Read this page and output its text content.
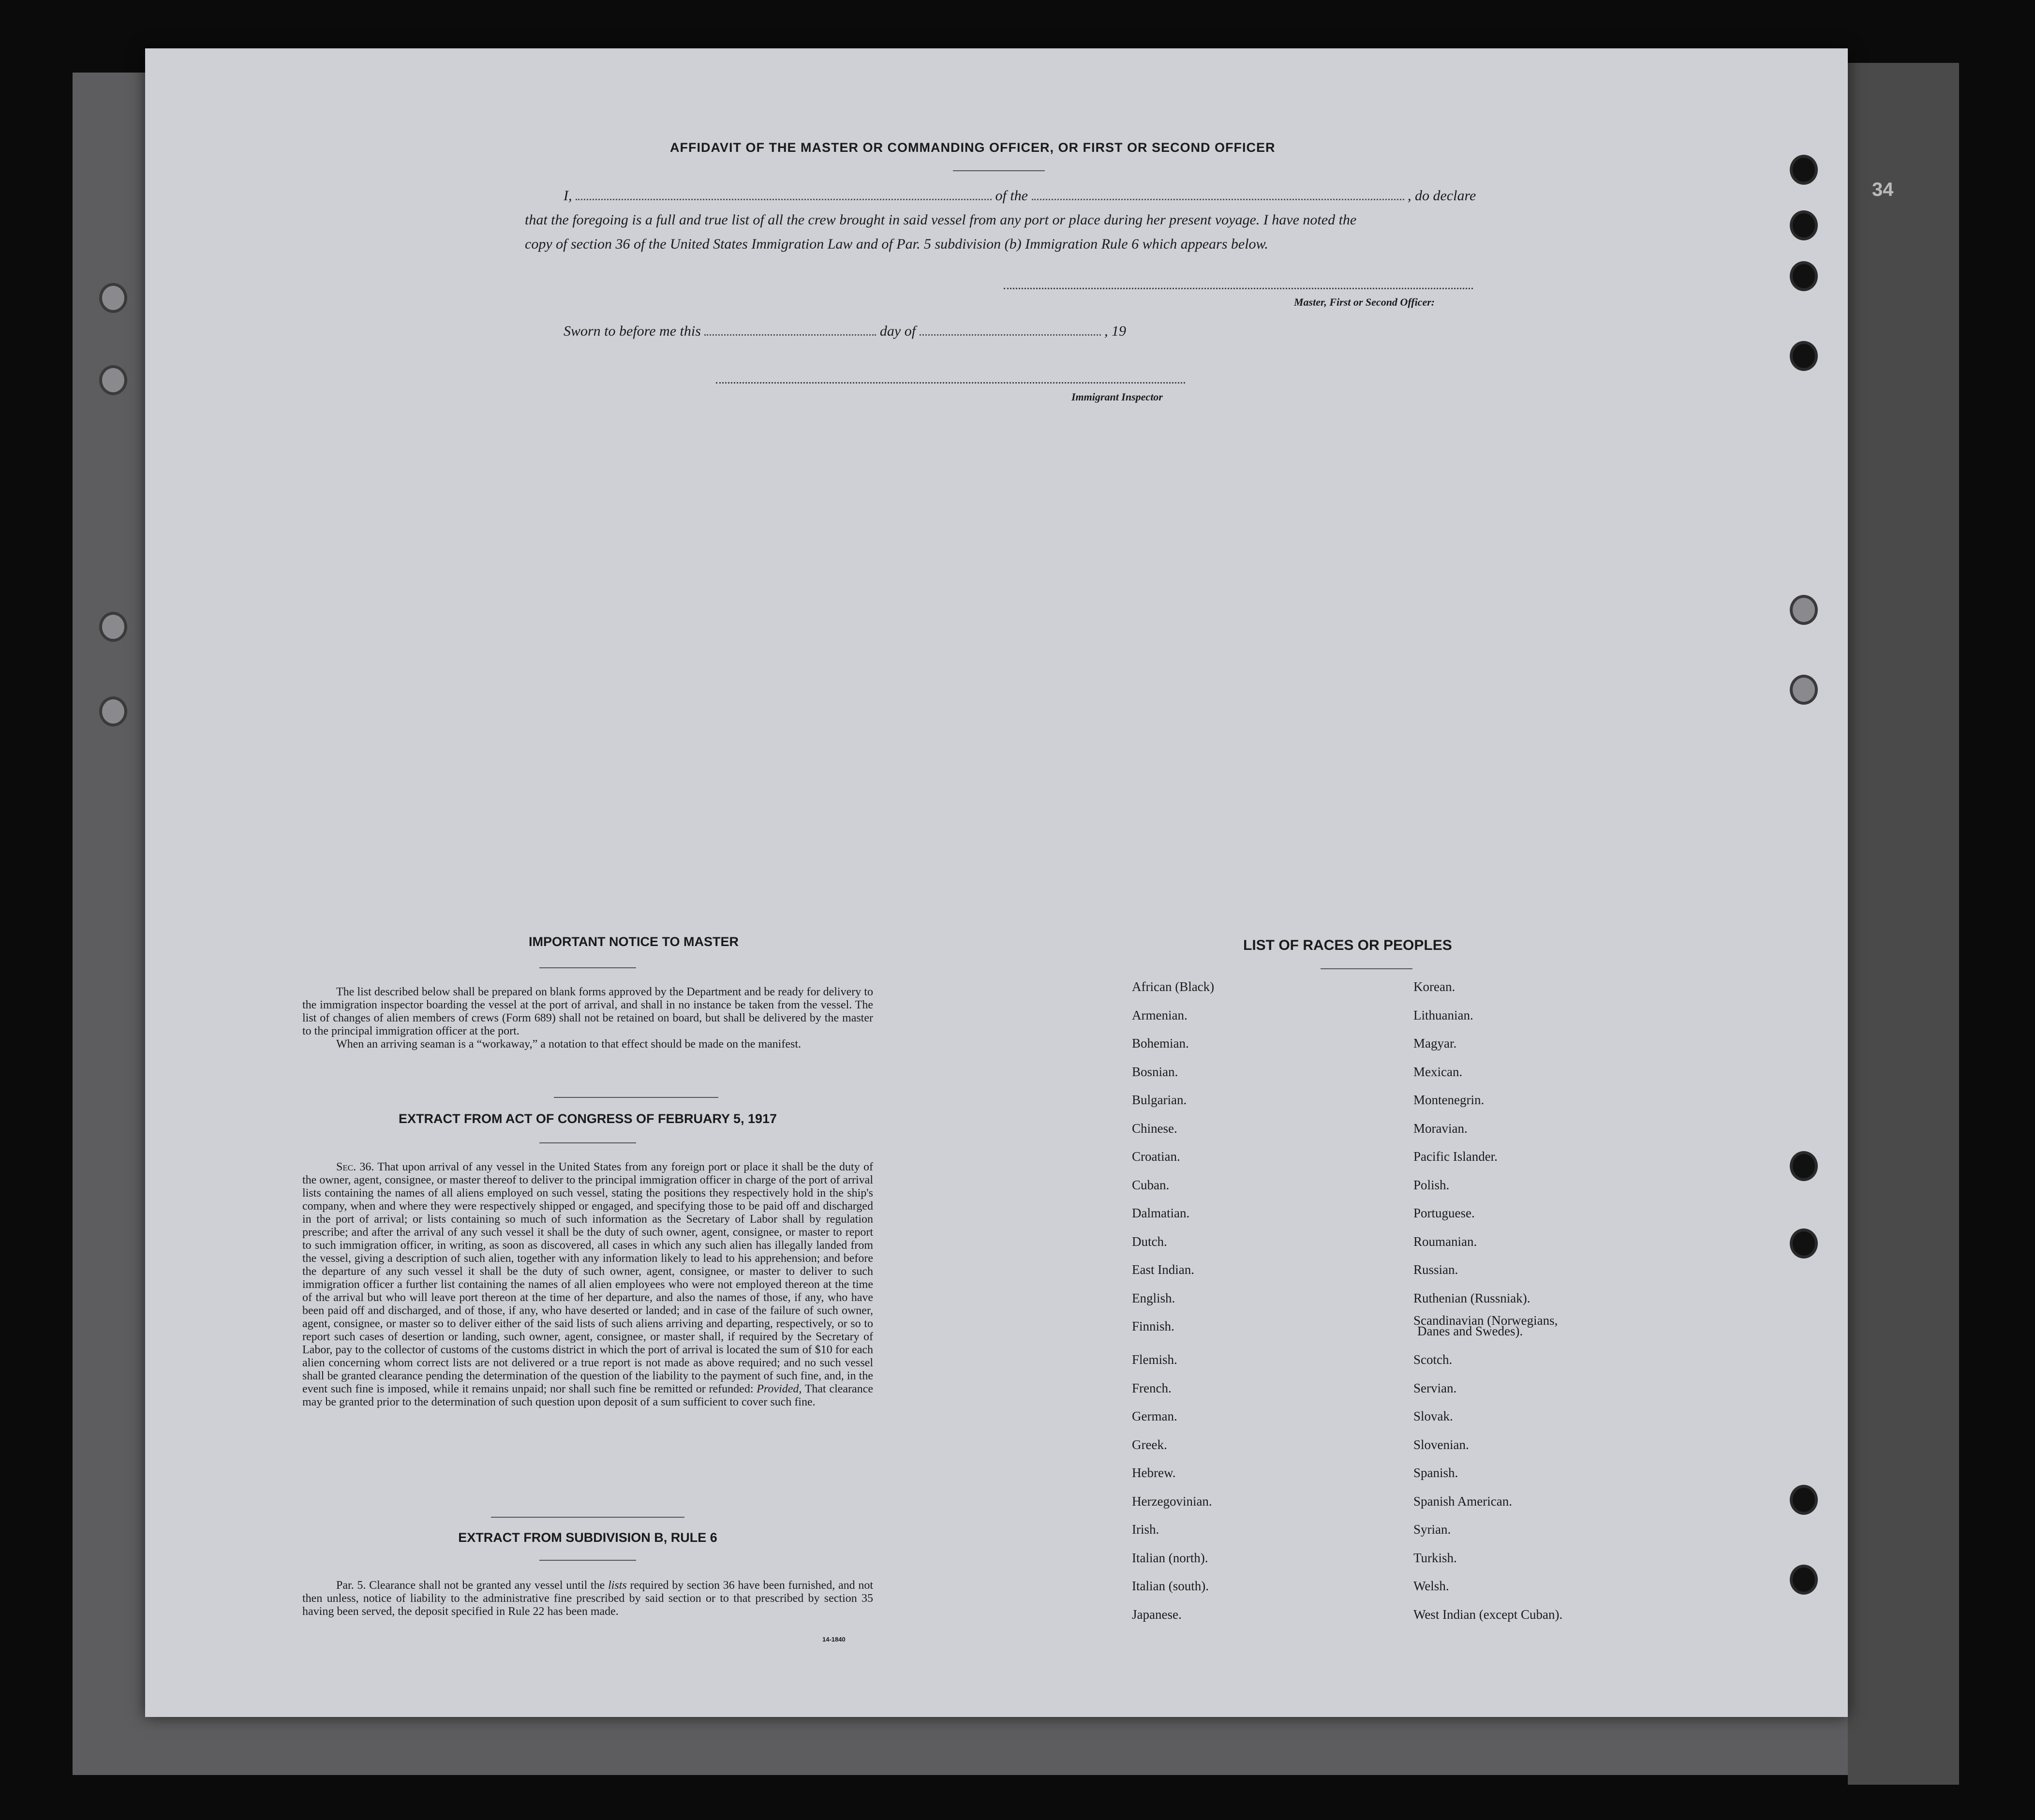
34
AFFIDAVIT OF THE MASTER OR COMMANDING OFFICER, OR FIRST OR SECOND OFFICER
I,	of the	, do declare
that the foregoing is a full and true list of all the crew brought in said vessel from any port or place during her present voyage. I have noted the
copy of section 36 of the United States Immigration Law and of Par. 5 subdivision (b) Immigration Rule 6 which appears below.
Master, First or Second Officer:
Sworn to before me this	day of	, 19
Immigrant Inspector
IMPORTANT NOTICE TO MASTER
The list described below shall be prepared on blank forms approved by the Department and be ready for delivery to the immigration inspector boarding the vessel at the port of arrival, and shall in no instance be taken from the vessel. The list of changes of alien members of crews (Form 689) shall not be retained on board, but shall be delivered by the master to the principal immigration officer at the port.
When an arriving seaman is a “workaway,” a notation to that effect should be made on the manifest.
EXTRACT FROM ACT OF CONGRESS OF FEBRUARY 5, 1917
Sec. 36. That upon arrival of any vessel in the United States from any foreign port or place it shall be the duty of the owner, agent, consignee, or master thereof to deliver to the principal immigration officer in charge of the port of arrival lists containing the names of all aliens employed on such vessel, stating the positions they respectively hold in the ship's company, when and where they were respectively shipped or engaged, and specifying those to be paid off and discharged in the port of arrival; or lists containing so much of such information as the Secretary of Labor shall by regulation prescribe; and after the arrival of any such vessel it shall be the duty of such owner, agent, consignee, or master to report to such immigration officer, in writing, as soon as discovered, all cases in which any such alien has illegally landed from the vessel, giving a description of such alien, together with any information likely to lead to his apprehension; and before the departure of any such vessel it shall be the duty of such owner, agent, consignee, or master to deliver to such immigration officer a further list containing the names of all alien employees who were not employed thereon at the time of the arrival but who will leave port thereon at the time of her departure, and also the names of those, if any, who have been paid off and discharged, and of those, if any, who have deserted or landed; and in case of the failure of such owner, agent, consignee, or master so to deliver either of the said lists of such aliens arriving and departing, respectively, or so to report such cases of desertion or landing, such owner, agent, consignee, or master shall, if required by the Secretary of Labor, pay to the collector of customs of the customs district in which the port of arrival is located the sum of $10 for each alien concerning whom correct lists are not delivered or a true report is not made as above required; and no such vessel shall be granted clearance pending the determination of the question of the liability to the payment of such fine, and, in the event such fine is imposed, while it remains unpaid; nor shall such fine be remitted or refunded: Provided, That clearance may be granted prior to the determination of such question upon deposit of a sum sufficient to cover such fine.
EXTRACT FROM SUBDIVISION B, RULE 6
Par. 5. Clearance shall not be granted any vessel until the lists required by section 36 have been furnished, and not then unless, notice of liability to the administrative fine prescribed by said section or to that prescribed by section 35 having been served, the deposit specified in Rule 22 has been made.
14-1840
LIST OF RACES OR PEOPLES
African (Black)
Armenian.
Bohemian.
Bosnian.
Bulgarian.
Chinese.
Croatian.
Cuban.
Dalmatian.
Dutch.
East Indian.
English.
Finnish.
Flemish.
French.
German.
Greek.
Hebrew.
Herzegovinian.
Irish.
Italian (north).
Italian (south).
Japanese.
Korean.
Lithuanian.
Magyar.
Mexican.
Montenegrin.
Moravian.
Pacific Islander.
Polish.
Portuguese.
Roumanian.
Russian.
Ruthenian (Russniak).
Scandinavian (Norwegians,
Scotch.
Servian.
Slovak.
Slovenian.
Spanish.
Spanish American.
Syrian.
Turkish.
Welsh.
West Indian (except Cuban).
Danes and Swedes).
